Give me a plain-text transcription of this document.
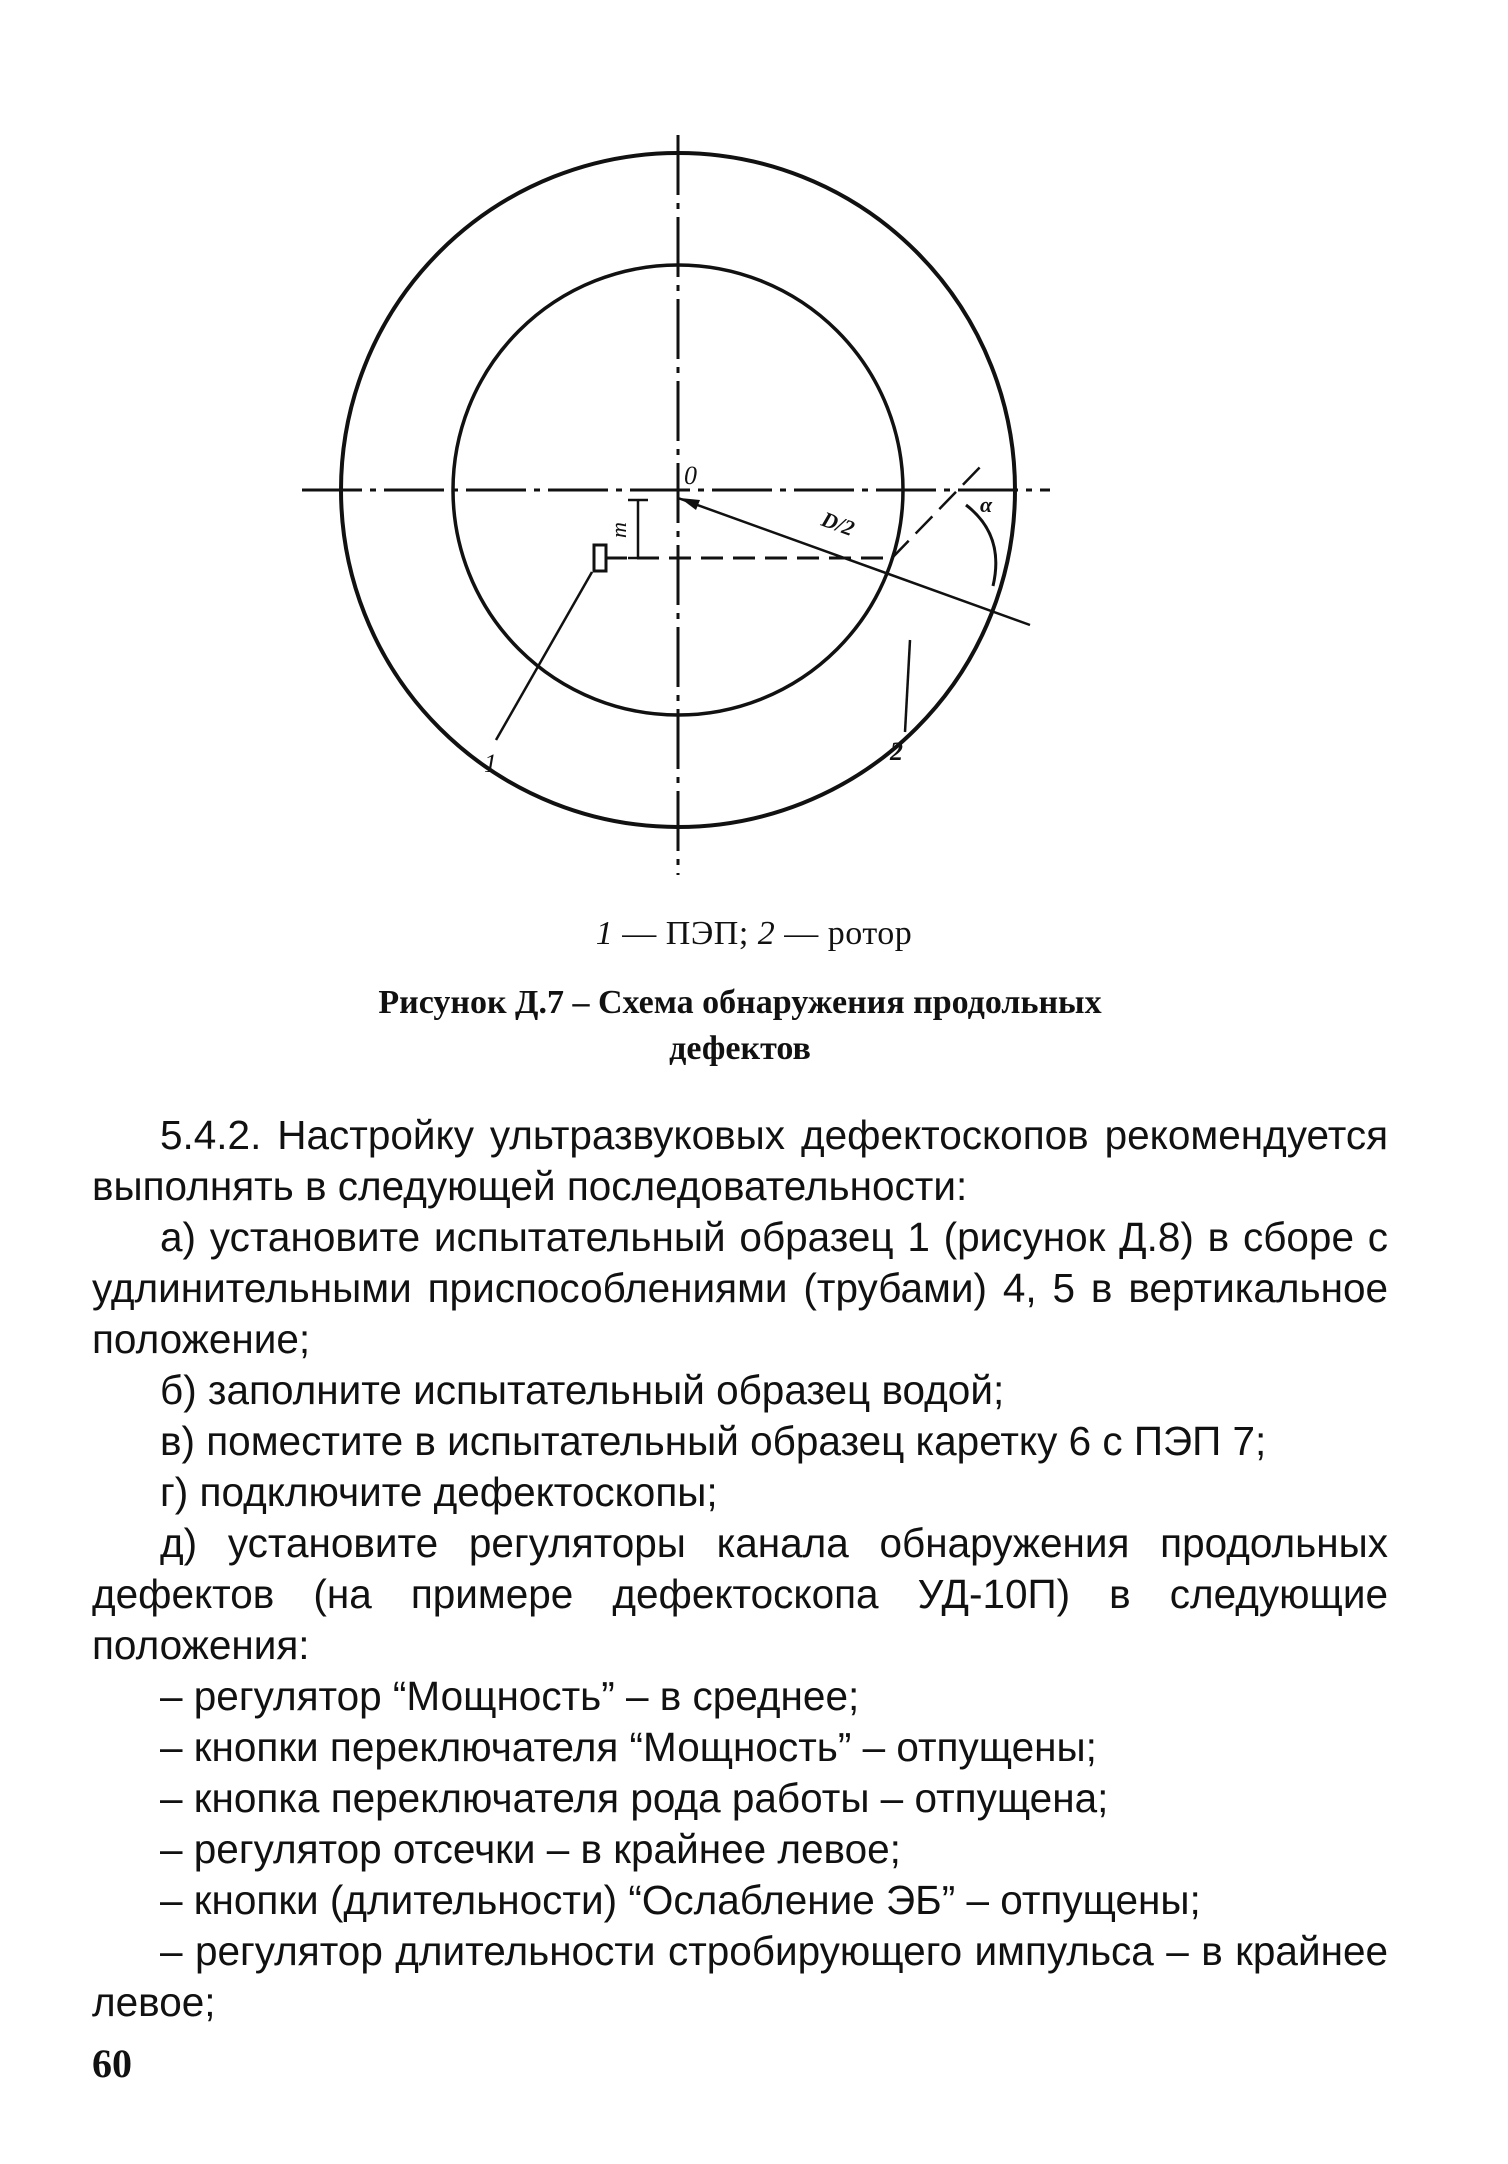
0
D/2
m
α
1	2
1 — ПЭП; 2 — ротор
Рисунок Д.7 – Схема обнаружения продольных
дефектов

5.4.2. Настройку ультразвуковых дефектоскопов рекомендуется выполнять в следующей последовательности:

а) установите испытательный образец 1 (рисунок Д.8) в сборе с удлинительными приспособлениями (трубами) 4, 5 в вертикальное положение;

б) заполните испытательный образец водой;

в) поместите в испытательный образец каретку 6 с ПЭП 7;

г) подключите дефектоскопы;

д) установите регуляторы канала обнаружения продольных дефектов (на примере дефектоскопа УД-10П) в следующие положения:

– регулятор “Мощность” – в среднее;

– кнопки переключателя “Мощность” – отпущены;

– кнопка переключателя рода работы – отпущена;

– регулятор отсечки – в крайнее левое;

– кнопки (длительности) “Ослабление ЭБ” – отпущены;

– регулятор длительности стробирующего импульса – в крайнее левое;

60
